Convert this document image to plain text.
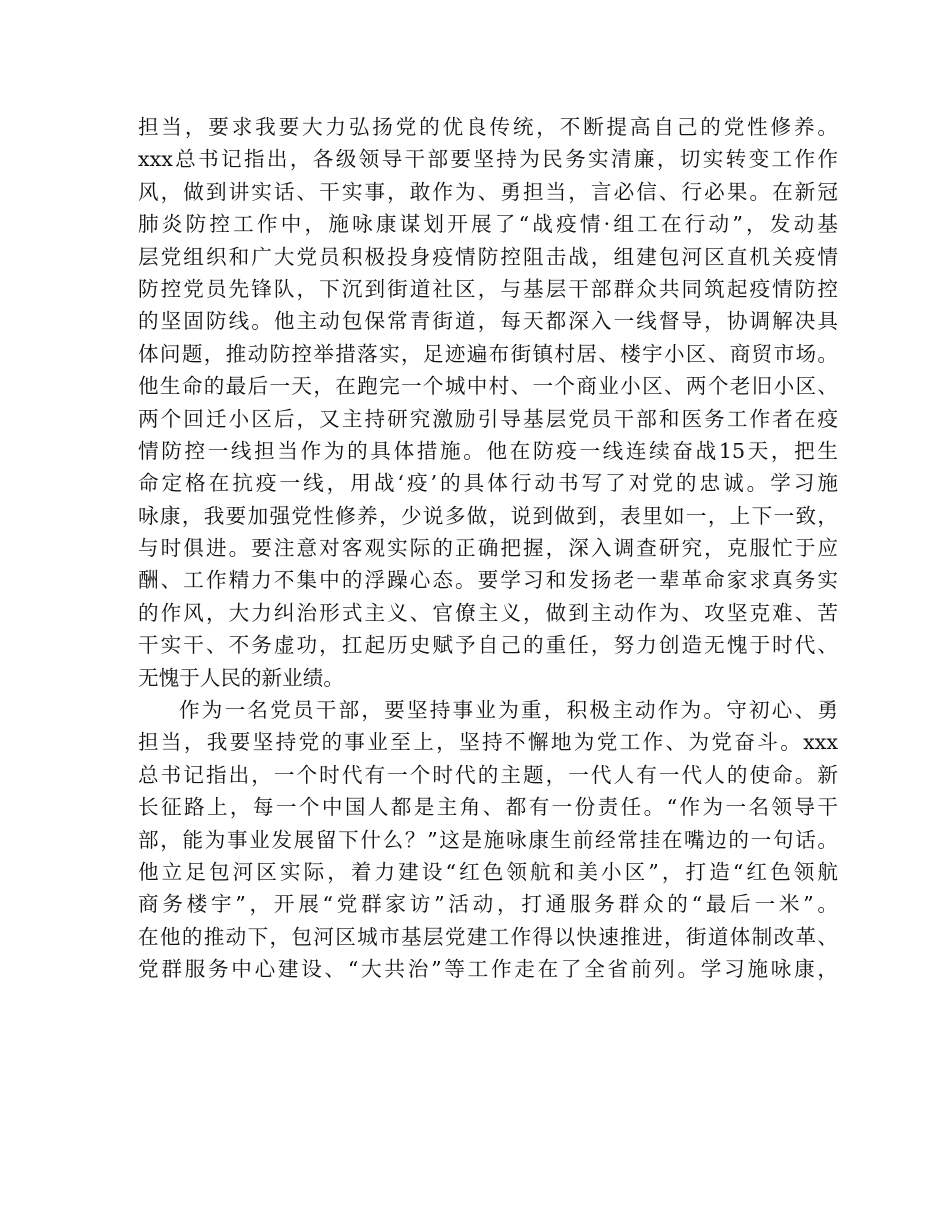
担当，要求我要大力弘扬党的优良传统，不断提高自己的党性修养。
xxx总书记指出，各级领导干部要坚持为民务实清廉，切实转变工作作
风，做到讲实话、干实事，敢作为、勇担当，言必信、行必果。在新冠
肺炎防控工作中，施咏康谋划开展了“战疫情·组工在行动”，发动基
层党组织和广大党员积极投身疫情防控阻击战，组建包河区直机关疫情
防控党员先锋队，下沉到街道社区，与基层干部群众共同筑起疫情防控
的坚固防线。他主动包保常青街道，每天都深入一线督导，协调解决具
体问题，推动防控举措落实，足迹遍布街镇村居、楼宇小区、商贸市场。
他生命的最后一天，在跑完一个城中村、一个商业小区、两个老旧小区、
两个回迁小区后，又主持研究激励引导基层党员干部和医务工作者在疫
情防控一线担当作为的具体措施。他在防疫一线连续奋战15天，把生
命定格在抗疫一线，用战‘疫’的具体行动书写了对党的忠诚。学习施
咏康，我要加强党性修养，少说多做，说到做到，表里如一，上下一致，
与时俱进。要注意对客观实际的正确把握，深入调查研究，克服忙于应
酬、工作精力不集中的浮躁心态。要学习和发扬老一辈革命家求真务实
的作风，大力纠治形式主义、官僚主义，做到主动作为、攻坚克难、苦
干实干、不务虚功，扛起历史赋予自己的重任，努力创造无愧于时代、
无愧于人民的新业绩。
作为一名党员干部，要坚持事业为重，积极主动作为。守初心、勇
担当，我要坚持党的事业至上，坚持不懈地为党工作、为党奋斗。xxx
总书记指出，一个时代有一个时代的主题，一代人有一代人的使命。新
长征路上，每一个中国人都是主角、都有一份责任。“作为一名领导干
部，能为事业发展留下什么？”这是施咏康生前经常挂在嘴边的一句话。
他立足包河区实际，着力建设“红色领航和美小区”，打造“红色领航
商务楼宇”，开展“党群家访”活动，打通服务群众的“最后一米”。
在他的推动下，包河区城市基层党建工作得以快速推进，街道体制改革、
党群服务中心建设、“大共治”等工作走在了全省前列。学习施咏康，
